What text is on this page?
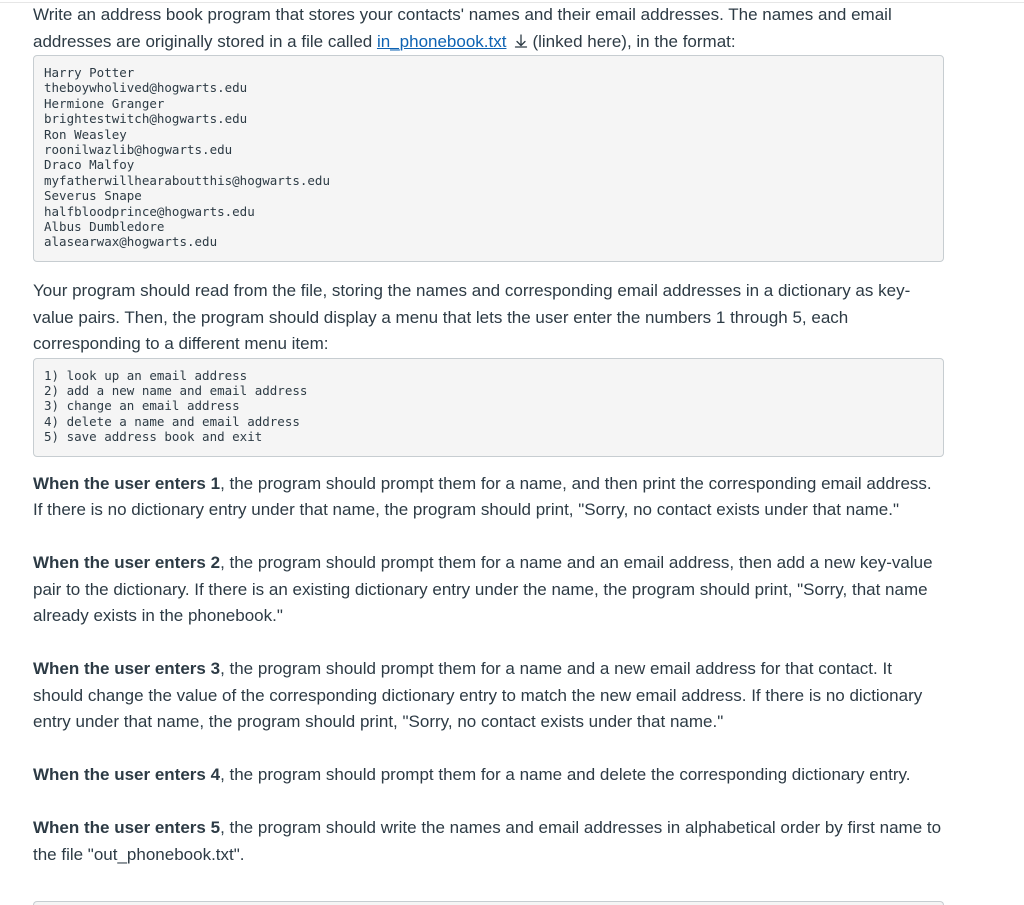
Write an address book program that stores your contacts' names and their email addresses. The names and email addresses are originally stored in a file called in_phonebook.txt (linked here), in the format:

Harry Potter
theboywholived@hogwarts.edu
Hermione Granger
brightestwitch@hogwarts.edu
Ron Weasley
roonilwazlib@hogwarts.edu
Draco Malfoy
myfatherwillhearaboutthis@hogwarts.edu
Severus Snape
halfbloodprince@hogwarts.edu
Albus Dumbledore
alasearwax@hogwarts.edu

Your program should read from the file, storing the names and corresponding email addresses in a dictionary as key-value pairs. Then, the program should display a menu that lets the user enter the numbers 1 through 5, each corresponding to a different menu item:

1) look up an email address
2) add a new name and email address
3) change an email address
4) delete a name and email address
5) save address book and exit

When the user enters 1, the program should prompt them for a name, and then print the corresponding email address. If there is no dictionary entry under that name, the program should print, "Sorry, no contact exists under that name."

When the user enters 2, the program should prompt them for a name and an email address, then add a new key-value pair to the dictionary. If there is an existing dictionary entry under the name, the program should print, "Sorry, that name already exists in the phonebook."

When the user enters 3, the program should prompt them for a name and a new email address for that contact. It should change the value of the corresponding dictionary entry to match the new email address. If there is no dictionary entry under that name, the program should print, "Sorry, no contact exists under that name."

When the user enters 4, the program should prompt them for a name and delete the corresponding dictionary entry.

When the user enters 5, the program should write the names and email addresses in alphabetical order by first name to the file "out_phonebook.txt".
